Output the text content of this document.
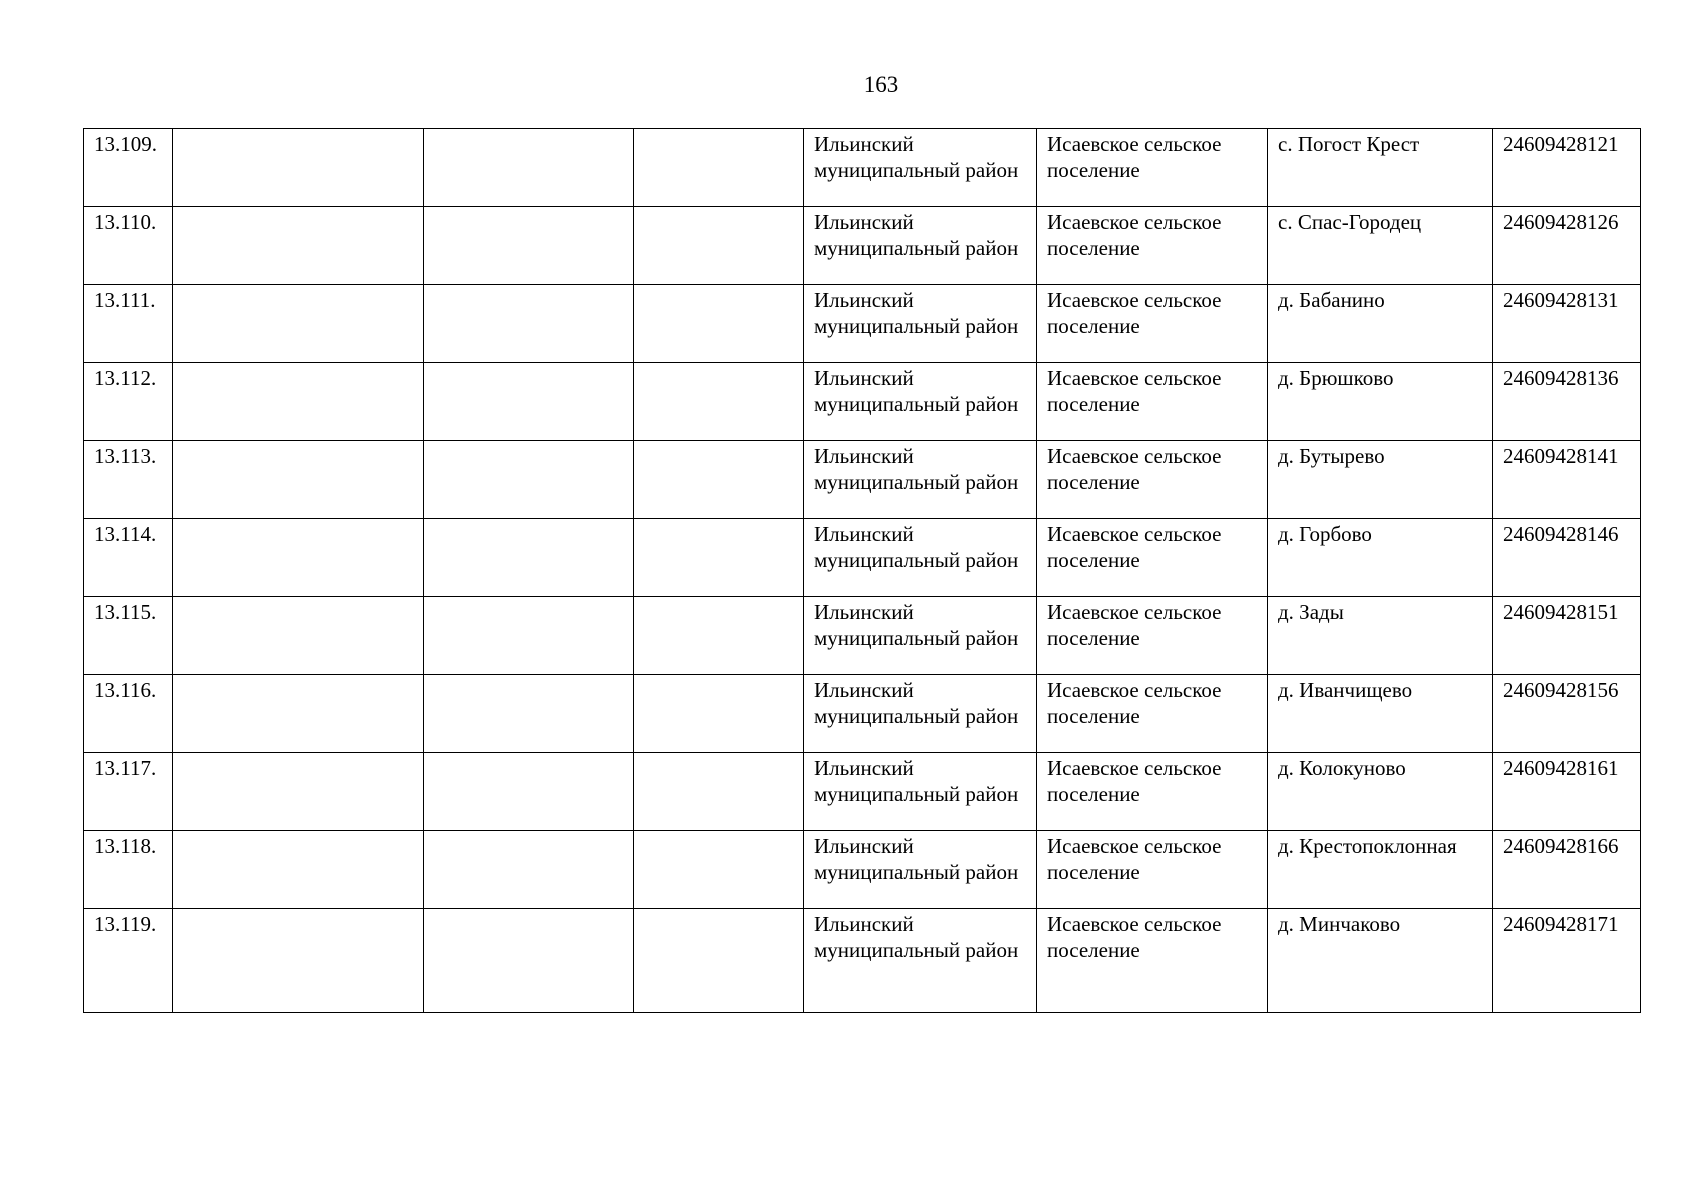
163
13.109.				Ильинский муниципальный район	Исаевское сельское поселение	с. Погост Крест	24609428121
13.110.				Ильинский муниципальный район	Исаевское сельское поселение	с. Спас-Городец	24609428126
13.111.				Ильинский муниципальный район	Исаевское сельское поселение	д. Бабанино	24609428131
13.112.				Ильинский муниципальный район	Исаевское сельское поселение	д. Брюшково	24609428136
13.113.				Ильинский муниципальный район	Исаевское сельское поселение	д. Бутырево	24609428141
13.114.				Ильинский муниципальный район	Исаевское сельское поселение	д. Горбово	24609428146
13.115.				Ильинский муниципальный район	Исаевское сельское поселение	д. Зады	24609428151
13.116.				Ильинский муниципальный район	Исаевское сельское поселение	д. Иванчищево	24609428156
13.117.				Ильинский муниципальный район	Исаевское сельское поселение	д. Колокуново	24609428161
13.118.				Ильинский муниципальный район	Исаевское сельское поселение	д. Крестопоклонная	24609428166
13.119.				Ильинский муниципальный район	Исаевское сельское поселение	д. Минчаково	24609428171
